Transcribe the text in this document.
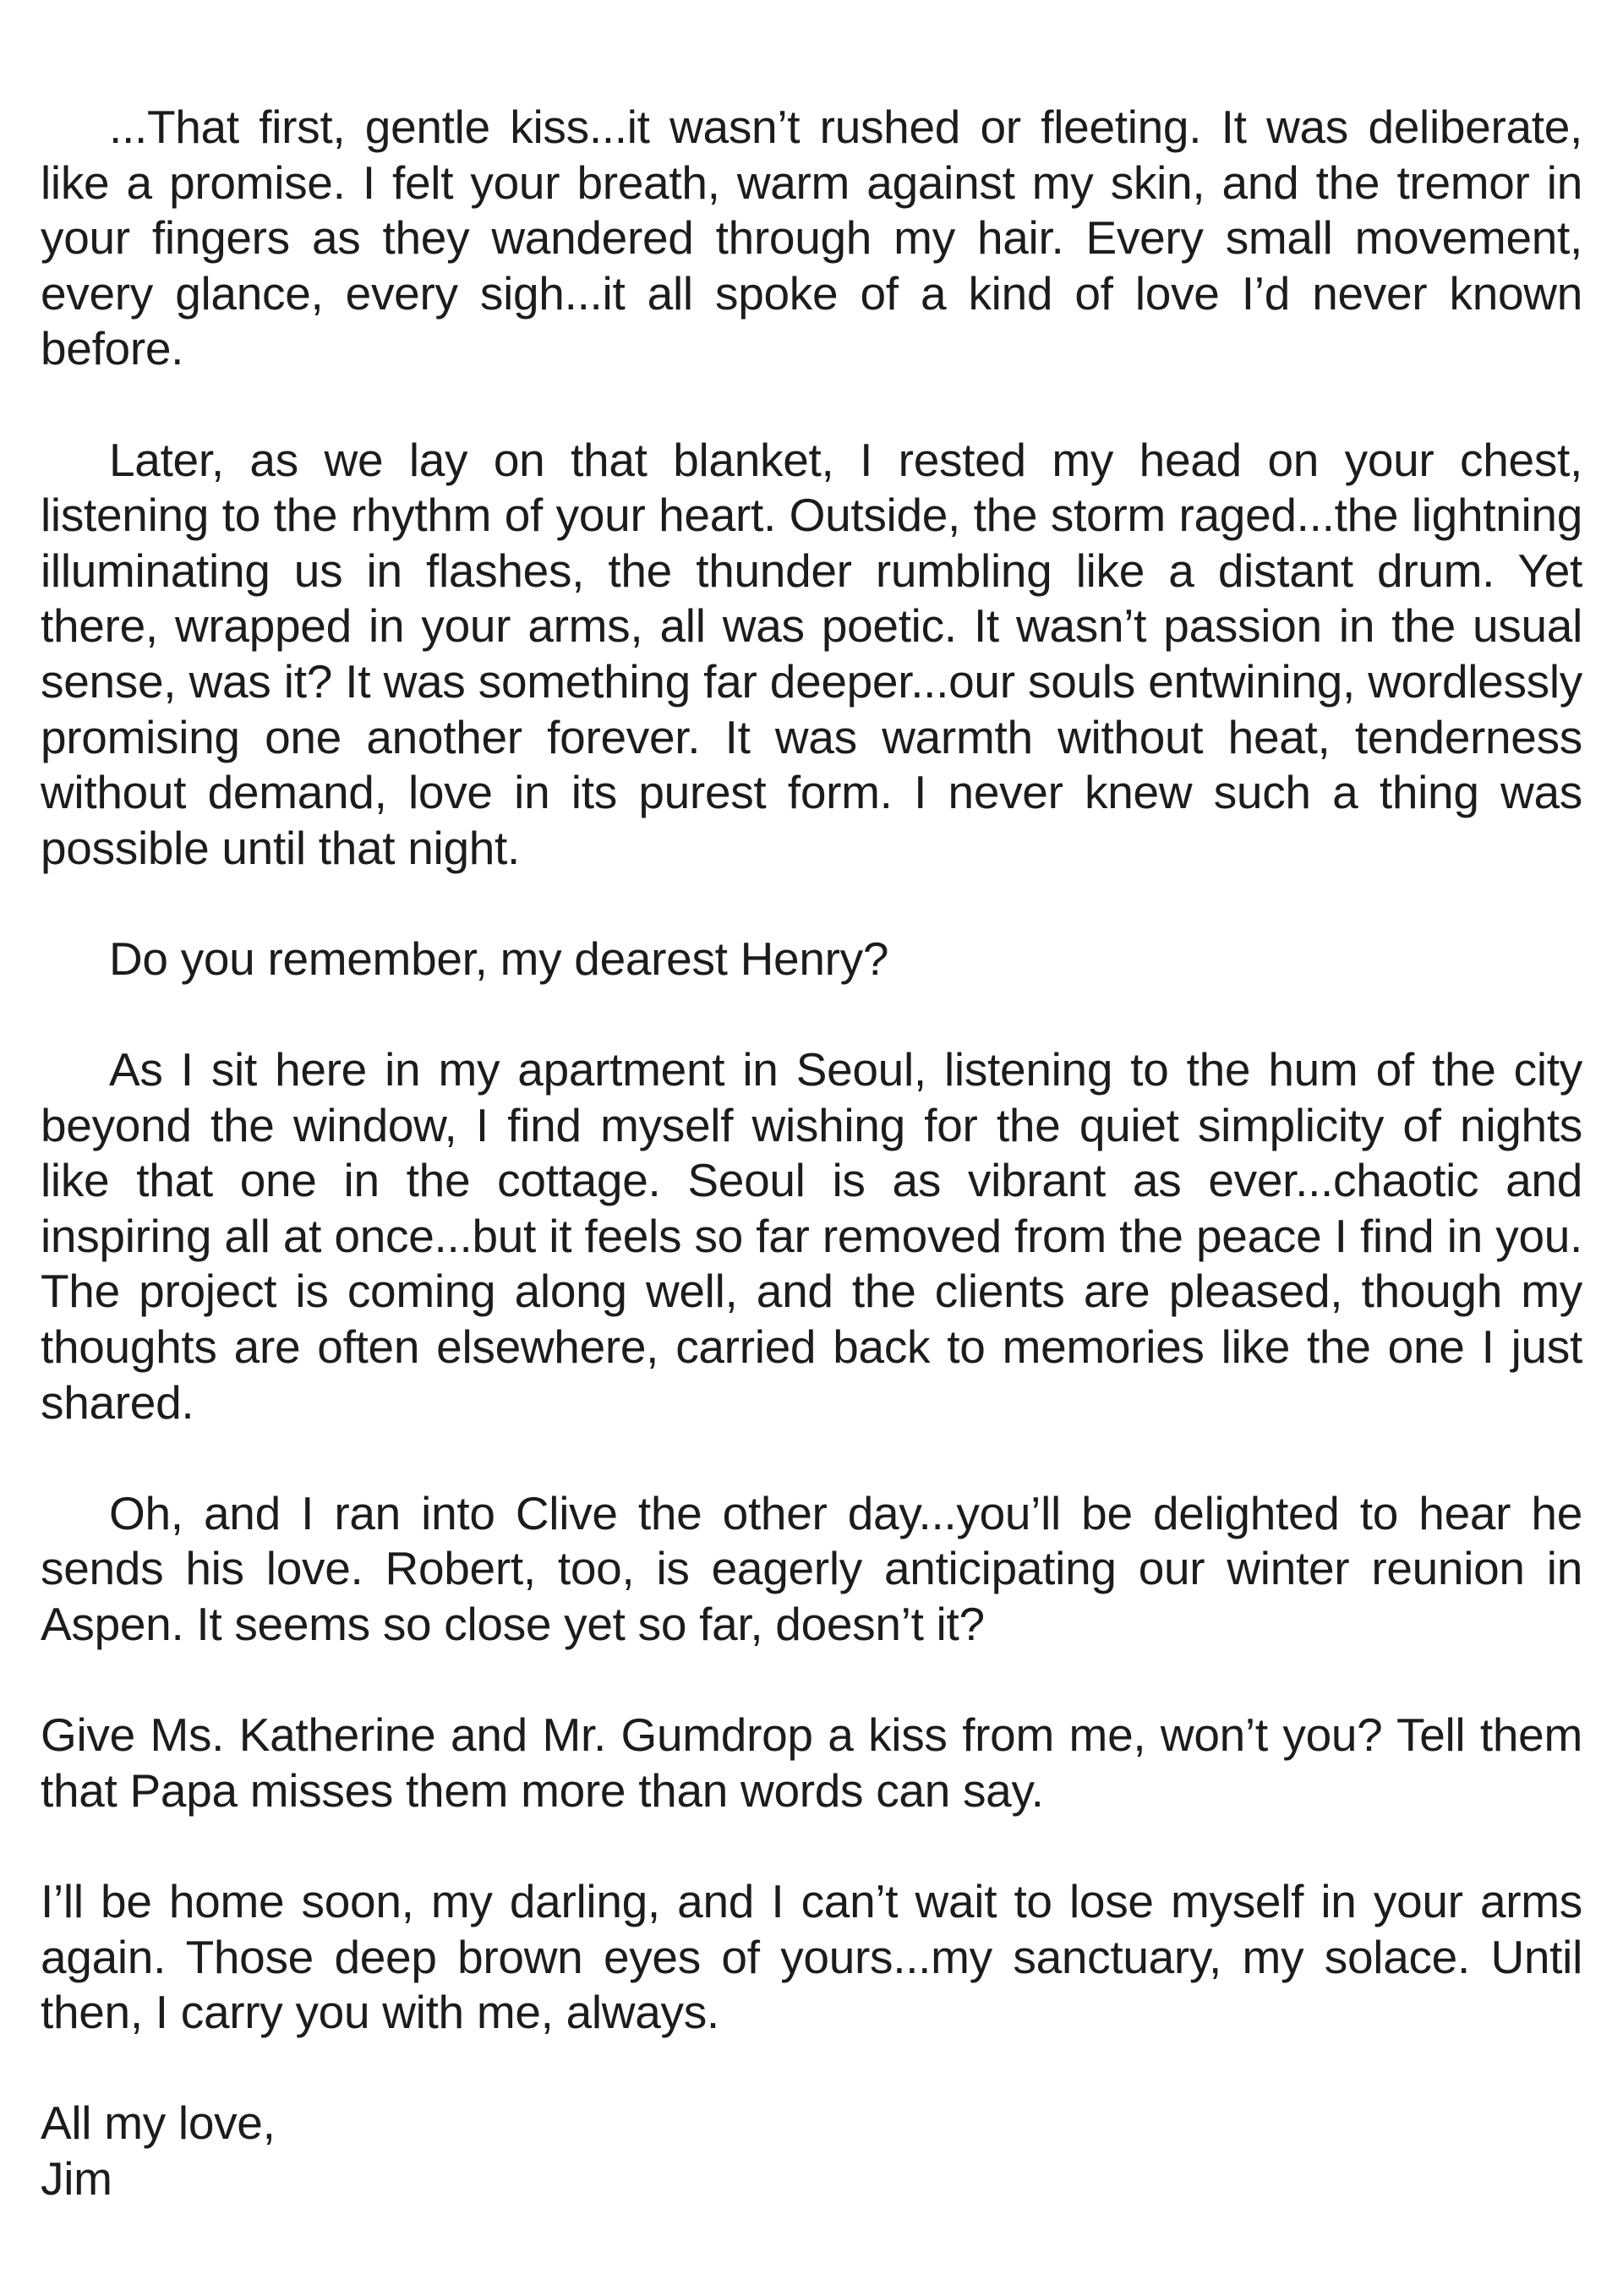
...That first, gentle kiss...it wasn’t rushed or fleeting. It was deliberate, like a promise. I felt your breath, warm against my skin, and the tremor in your fingers as they wandered through my hair. Every small movement, every glance, every sigh...it all spoke of a kind of love I’d never known before.

Later, as we lay on that blanket, I rested my head on your chest, listening to the rhythm of your heart. Outside, the storm raged...the lightning illuminating us in flashes, the thunder rumbling like a distant drum. Yet there, wrapped in your arms, all was poetic. It wasn’t passion in the usual sense, was it? It was something far deeper...our souls entwining, wordlessly promising one another forever. It was warmth without heat, tenderness without demand, love in its purest form. I never knew such a thing was possible until that night.

Do you remember, my dearest Henry?

As I sit here in my apartment in Seoul, listening to the hum of the city beyond the window, I find myself wishing for the quiet simplicity of nights like that one in the cottage. Seoul is as vibrant as ever...chaotic and inspiring all at once...but it feels so far removed from the peace I find in you. The project is coming along well, and the clients are pleased, though my thoughts are often elsewhere, carried back to memories like the one I just shared.

Oh, and I ran into Clive the other day...you’ll be delighted to hear he sends his love. Robert, too, is eagerly anticipating our winter reunion in Aspen. It seems so close yet so far, doesn’t it?

Give Ms. Katherine and Mr. Gumdrop a kiss from me, won’t you? Tell them that Papa misses them more than words can say.

I’ll be home soon, my darling, and I can’t wait to lose myself in your arms again. Those deep brown eyes of yours...my sanctuary, my solace. Until then, I carry you with me, always.

All my love,
Jim
